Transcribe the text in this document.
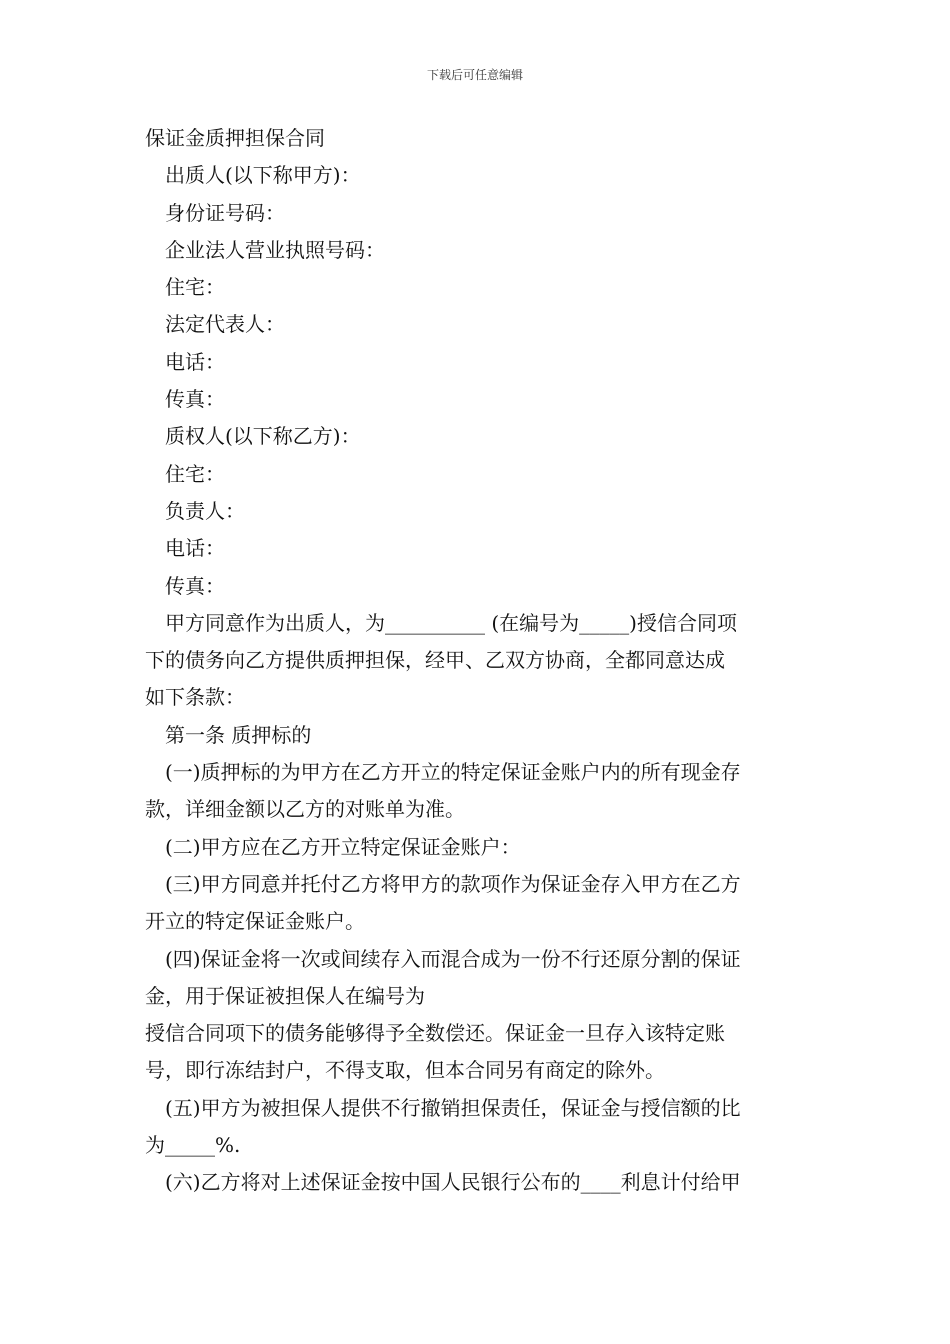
下载后可任意编辑
保证金质押担保合同
出质人(以下称甲方)：
身份证号码：
企业法人营业执照号码：
住宅：
法定代表人：
电话：
传真：
质权人(以下称乙方)：
住宅：
负责人：
电话：
传真：
甲方同意作为出质人，为__________ (在编号为_____)授信合同项
下的债务向乙方提供质押担保，经甲、乙双方协商，全都同意达成
如下条款：
第一条 质押标的
(一)质押标的为甲方在乙方开立的特定保证金账户内的所有现金存
款，详细金额以乙方的对账单为准。
(二)甲方应在乙方开立特定保证金账户：
(三)甲方同意并托付乙方将甲方的款项作为保证金存入甲方在乙方
开立的特定保证金账户。
(四)保证金将一次或间续存入而混合成为一份不行还原分割的保证
金，用于保证被担保人在编号为
授信合同项下的债务能够得予全数偿还。保证金一旦存入该特定账
号，即行冻结封户，不得支取，但本合同另有商定的除外。
(五)甲方为被担保人提供不行撤销担保责任，保证金与授信额的比
为_____%.
(六)乙方将对上述保证金按中国人民银行公布的____利息计付给甲
